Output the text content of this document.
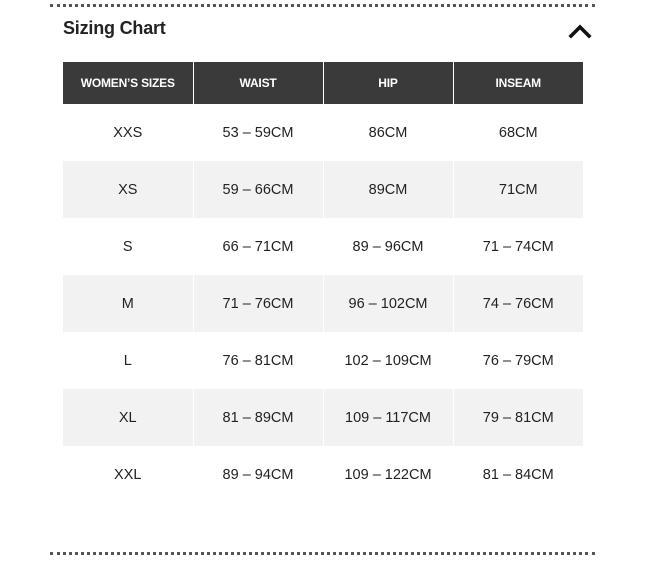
Sizing Chart
WOMEN’S SIZES	WAIST	HIP	INSEAM
XXS	53 – 59CM	86CM	68CM
XS	59 – 66CM	89CM	71CM
S	66 – 71CM	89 – 96CM	71 – 74CM
M	71 – 76CM	96 – 102CM	74 – 76CM
L	76 – 81CM	102 – 109CM	76 – 79CM
XL	81 – 89CM	109 – 117CM	79 – 81CM
XXL	89 – 94CM	109 – 122CM	81 – 84CM
